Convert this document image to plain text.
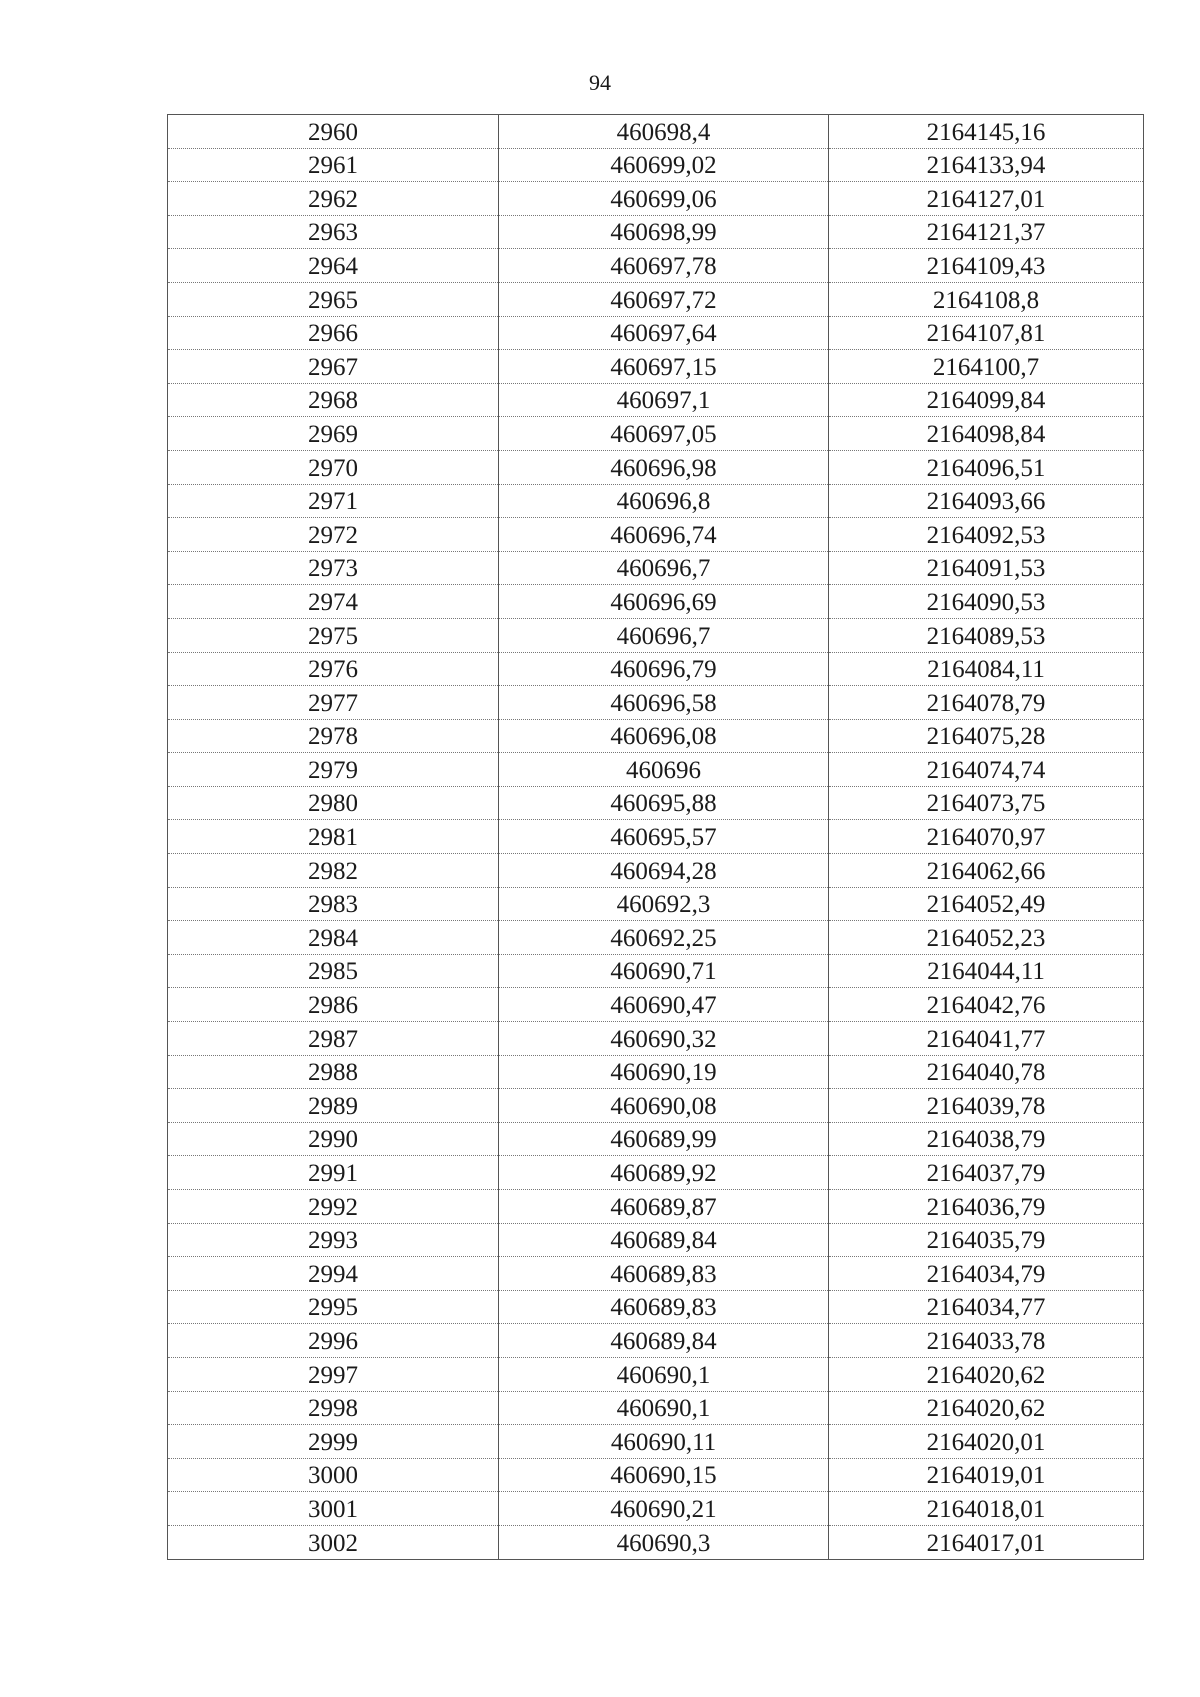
94
2960	460698,4	2164145,16
2961	460699,02	2164133,94
2962	460699,06	2164127,01
2963	460698,99	2164121,37
2964	460697,78	2164109,43
2965	460697,72	2164108,8
2966	460697,64	2164107,81
2967	460697,15	2164100,7
2968	460697,1	2164099,84
2969	460697,05	2164098,84
2970	460696,98	2164096,51
2971	460696,8	2164093,66
2972	460696,74	2164092,53
2973	460696,7	2164091,53
2974	460696,69	2164090,53
2975	460696,7	2164089,53
2976	460696,79	2164084,11
2977	460696,58	2164078,79
2978	460696,08	2164075,28
2979	460696	2164074,74
2980	460695,88	2164073,75
2981	460695,57	2164070,97
2982	460694,28	2164062,66
2983	460692,3	2164052,49
2984	460692,25	2164052,23
2985	460690,71	2164044,11
2986	460690,47	2164042,76
2987	460690,32	2164041,77
2988	460690,19	2164040,78
2989	460690,08	2164039,78
2990	460689,99	2164038,79
2991	460689,92	2164037,79
2992	460689,87	2164036,79
2993	460689,84	2164035,79
2994	460689,83	2164034,79
2995	460689,83	2164034,77
2996	460689,84	2164033,78
2997	460690,1	2164020,62
2998	460690,1	2164020,62
2999	460690,11	2164020,01
3000	460690,15	2164019,01
3001	460690,21	2164018,01
3002	460690,3	2164017,01
